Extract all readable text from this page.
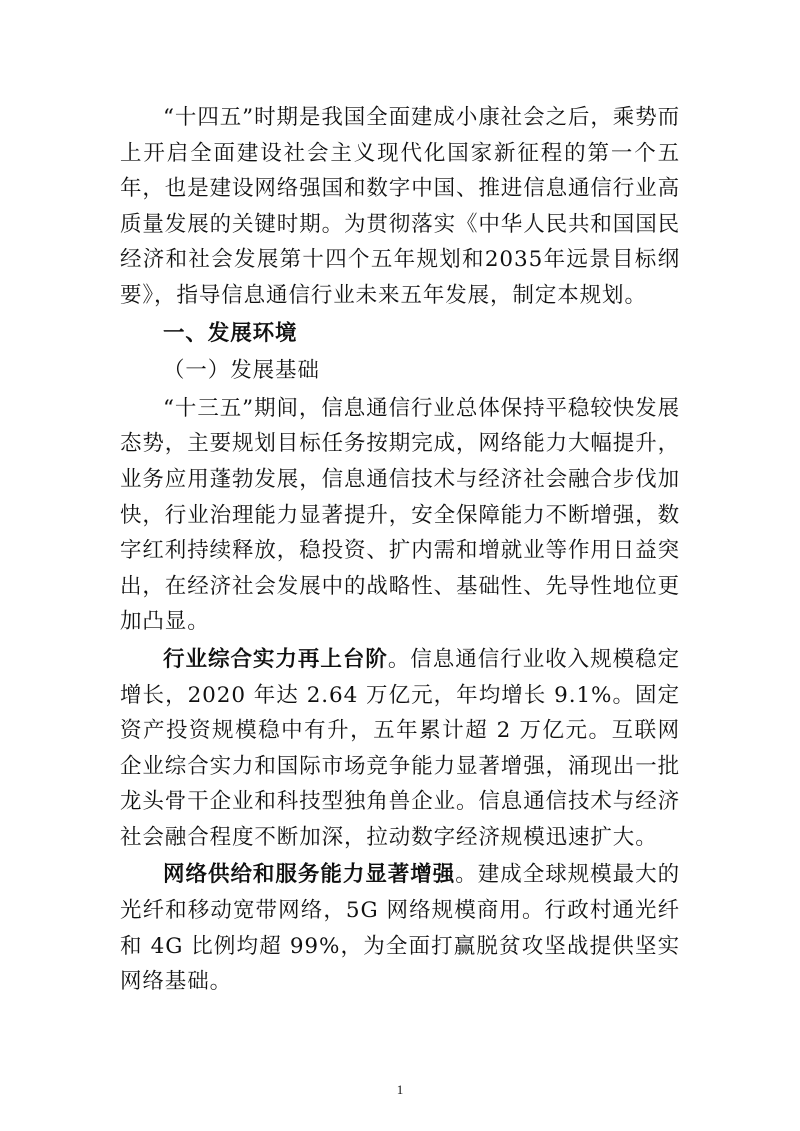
“十四五”时期是我国全面建成小康社会之后，乘势而上开启全面建设社会主义现代化国家新征程的第一个五年，也是建设网络强国和数字中国、推进信息通信行业高质量发展的关键时期。为贯彻落实《中华人民共和国国民经济和社会发展第十四个五年规划和2035年远景目标纲要》，指导信息通信行业未来五年发展，制定本规划。

一、发展环境

（一）发展基础

“十三五”期间，信息通信行业总体保持平稳较快发展态势，主要规划目标任务按期完成，网络能力大幅提升，业务应用蓬勃发展，信息通信技术与经济社会融合步伐加快，行业治理能力显著提升，安全保障能力不断增强，数字红利持续释放，稳投资、扩内需和增就业等作用日益突出，在经济社会发展中的战略性、基础性、先导性地位更加凸显。

行业综合实力再上台阶。信息通信行业收入规模稳定增长，2020 年达 2.64 万亿元，年均增长 9.1%。固定资产投资规模稳中有升，五年累计超 2 万亿元。互联网企业综合实力和国际市场竞争能力显著增强，涌现出一批龙头骨干企业和科技型独角兽企业。信息通信技术与经济社会融合程度不断加深，拉动数字经济规模迅速扩大。

网络供给和服务能力显著增强。建成全球规模最大的光纤和移动宽带网络，5G 网络规模商用。行政村通光纤和 4G 比例均超 99%，为全面打赢脱贫攻坚战提供坚实网络基础。

1
